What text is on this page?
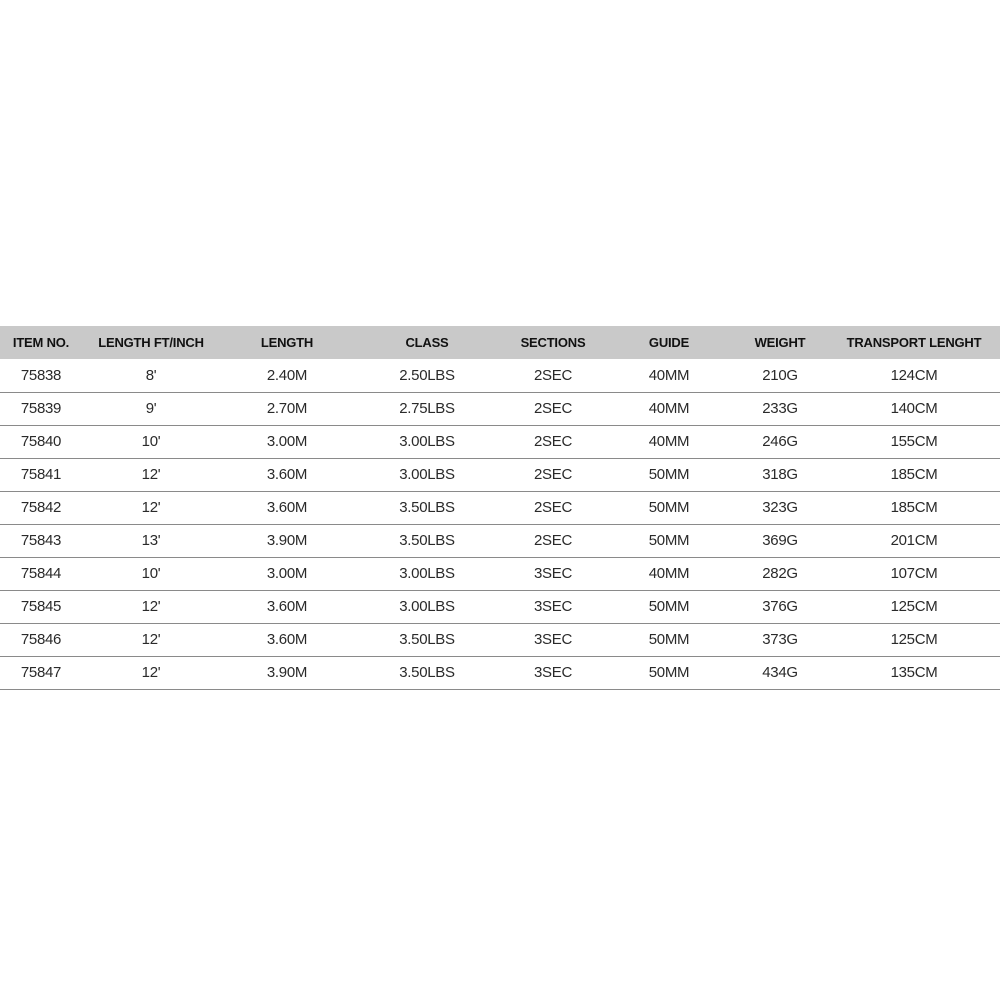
ITEM NO.	LENGTH FT/INCH	LENGTH	CLASS	SECTIONS	GUIDE	WEIGHT	TRANSPORT LENGHT
75838	8'	2.40M	2.50LBS	2SEC	40MM	210G	124CM
75839	9'	2.70M	2.75LBS	2SEC	40MM	233G	140CM
75840	10'	3.00M	3.00LBS	2SEC	40MM	246G	155CM
75841	12'	3.60M	3.00LBS	2SEC	50MM	318G	185CM
75842	12'	3.60M	3.50LBS	2SEC	50MM	323G	185CM
75843	13'	3.90M	3.50LBS	2SEC	50MM	369G	201CM
75844	10'	3.00M	3.00LBS	3SEC	40MM	282G	107CM
75845	12'	3.60M	3.00LBS	3SEC	50MM	376G	125CM
75846	12'	3.60M	3.50LBS	3SEC	50MM	373G	125CM
75847	12'	3.90M	3.50LBS	3SEC	50MM	434G	135CM
